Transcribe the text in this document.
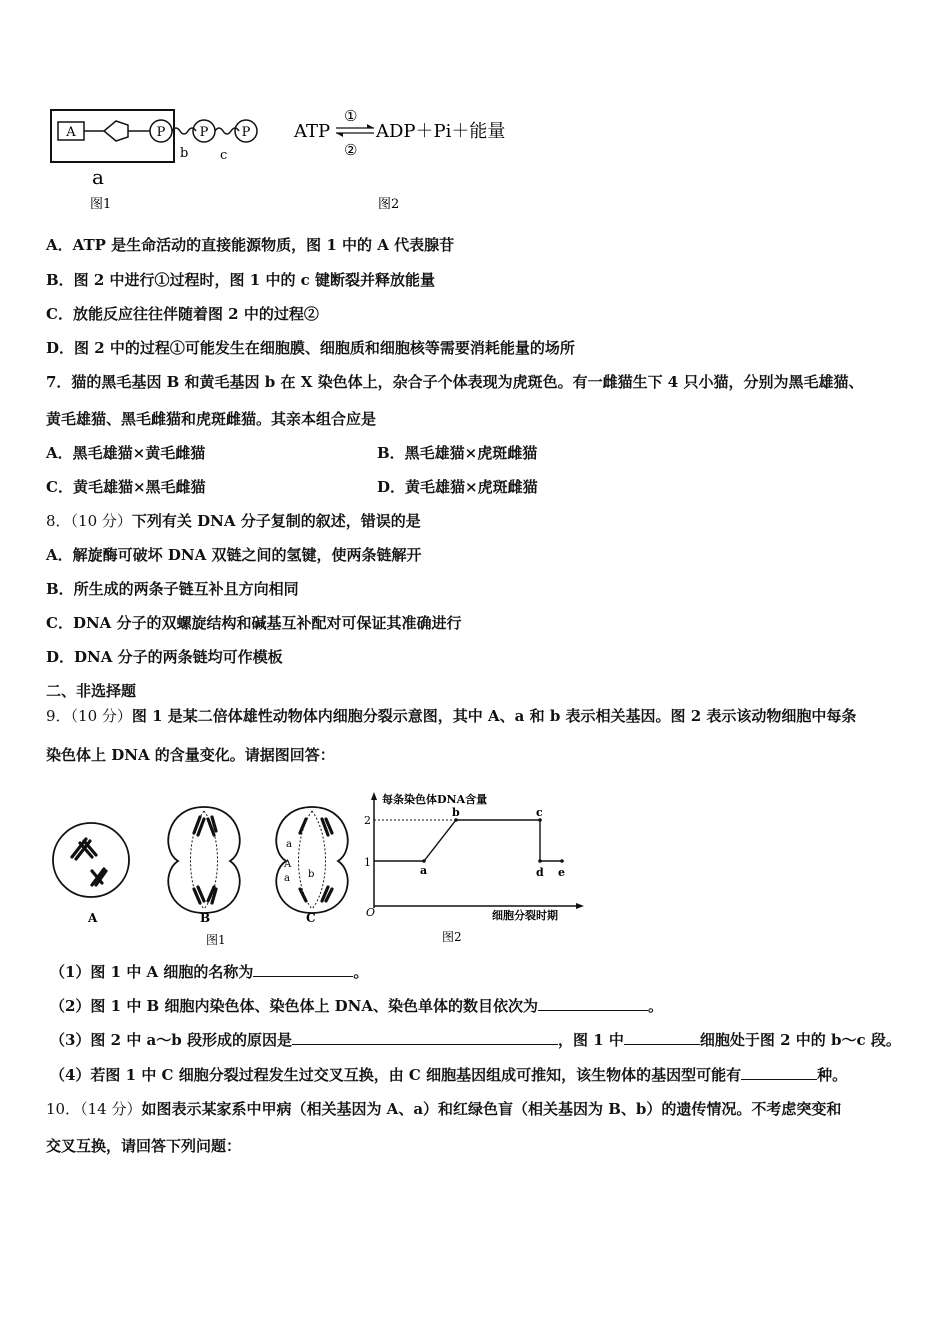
A	P	P	P
b c
a
图1
ATP
①
②
ADP＋Pi＋能量
图2
A．ATP 是生命活动的直接能源物质，图 1 中的 A 代表腺苷
B．图 2 中进行①过程时，图 1 中的 c 键断裂并释放能量
C．放能反应往往伴随着图 2 中的过程②
D．图 2 中的过程①可能发生在细胞膜、细胞质和细胞核等需要消耗能量的场所
7．猫的黑毛基因 B 和黄毛基因 b 在 X 染色体上，杂合子个体表现为虎斑色。有一雌猫生下 4 只小猫，分别为黑毛雄猫、
黄毛雄猫、黑毛雌猫和虎斑雌猫。其亲本组合应是
A．黑毛雄猫×黄毛雌猫	B．黑毛雄猫×虎斑雌猫
C．黄毛雄猫×黑毛雌猫	D．黄毛雄猫×虎斑雌猫
8．（10 分）下列有关 DNA 分子复制的叙述，错误的是
A．解旋酶可破坏 DNA 双链之间的氢键，使两条链解开
B．所生成的两条子链互补且方向相同
C．DNA 分子的双螺旋结构和碱基互补配对可保证其准确进行
D．DNA 分子的两条链均可作模板
二、非选择题
9．（10 分）图 1 是某二倍体雄性动物体内细胞分裂示意图，其中 A、a 和 b 表示相关基因。图 2 表示该动物细胞中每条
染色体上 DNA 的含量变化。请据图回答：
A	B
a
A
a b
C
图1
每条染色体DNA含量
细胞分裂时期
O
2
1
a
b	c
d e
图2
（1）图 1 中 A 细胞的名称为	。
（2）图 1 中 B 细胞内染色体、染色体上 DNA、染色单体的数目依次为	。
（3）图 2 中 a～b 段形成的原因是	，图 1 中	细胞处于图 2 中的 b～c 段。
（4）若图 1 中 C 细胞分裂过程发生过交叉互换，由 C 细胞基因组成可推知，该生物体的基因型可能有	种。
10．（14 分）如图表示某家系中甲病（相关基因为 A、a）和红绿色盲（相关基因为 B、b）的遗传情况。不考虑突变和
交叉互换，请回答下列问题：
